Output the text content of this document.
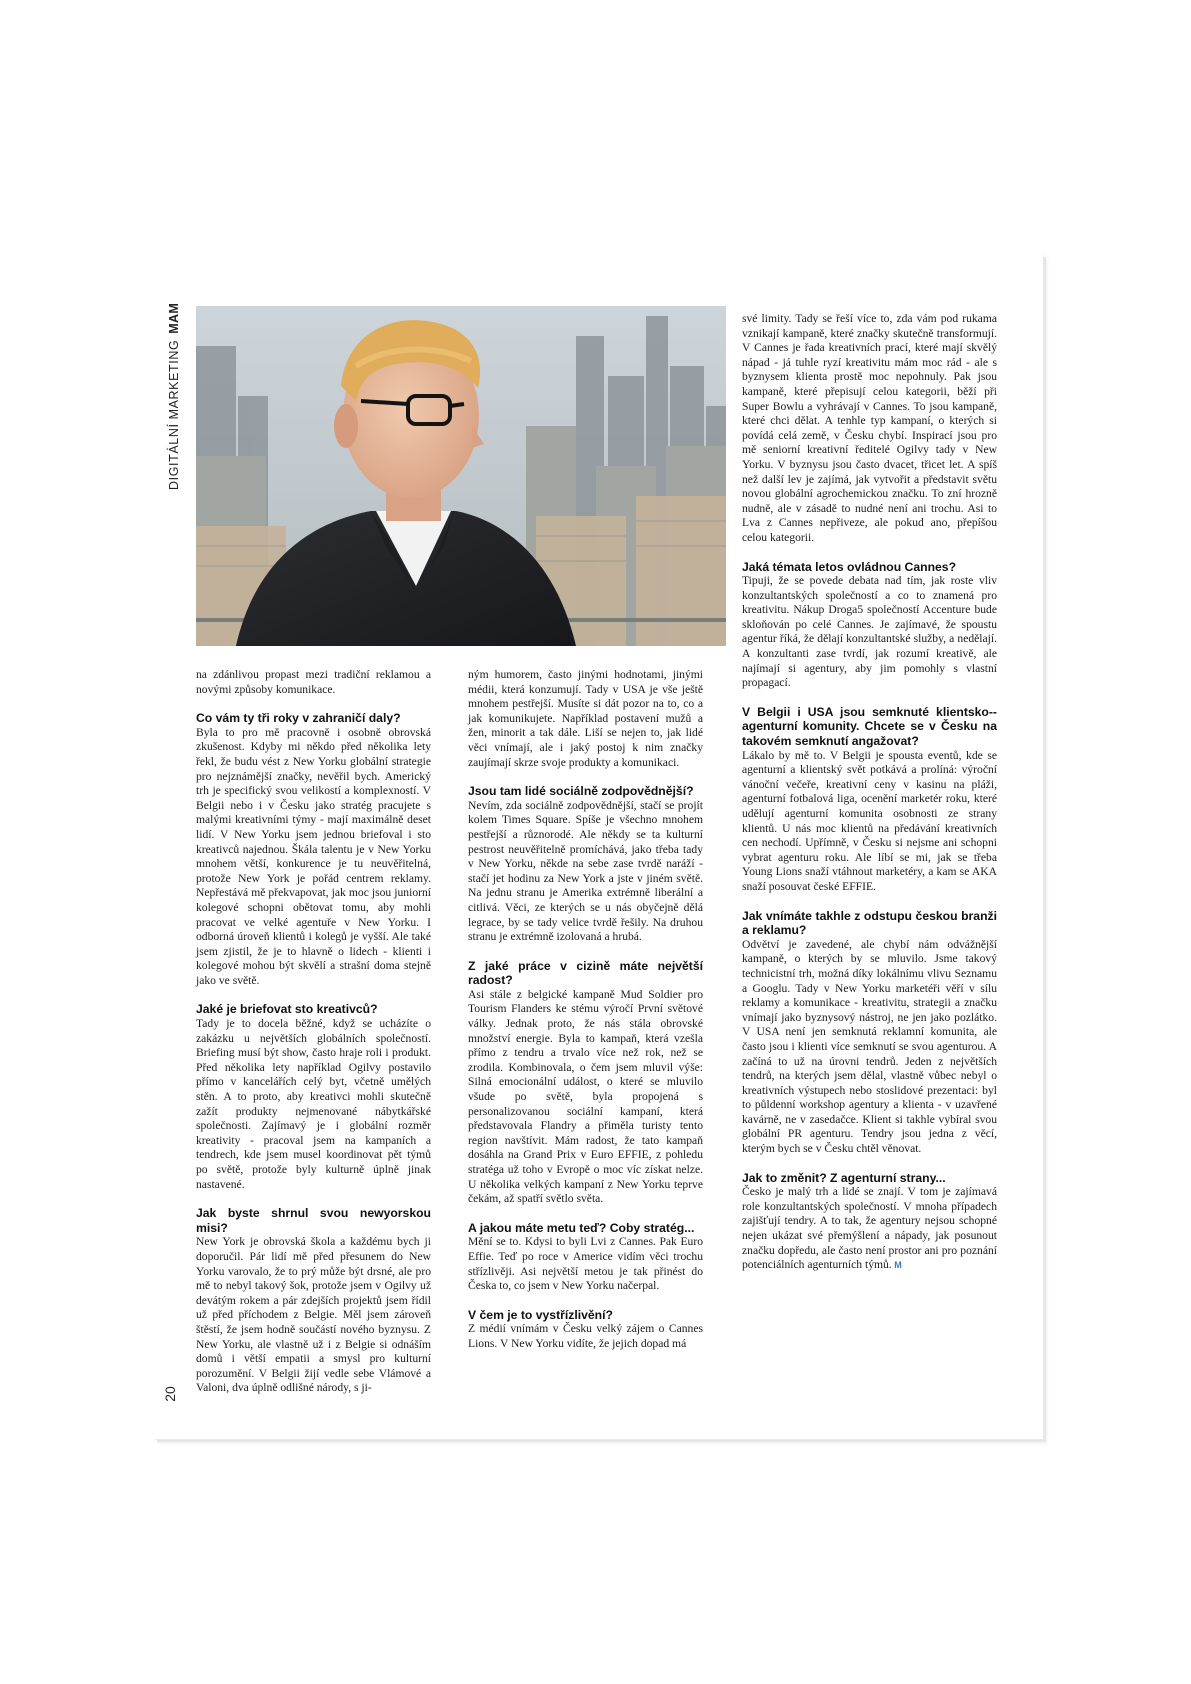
DIGITÁLNÍ MARKETINGMAM
20

na zdánlivou propast mezi tradiční reklamou a novými způsoby komunikace.

Co vám ty tři roky v zahraničí daly?

Byla to pro mě pracovně i osobně obrovská zkušenost. Kdyby mi někdo před několika lety řekl, že budu vést z New Yorku globální strategie pro nejznámější značky, nevěřil bych. Americký trh je specifický svou velikostí a komplexností. V Belgii nebo i v Česku jako stratég pracujete s malými kreativními týmy - mají maximálně deset lidí. V New Yorku jsem jednou briefoval i sto kreativců najednou. Škála talentu je v New Yorku mnohem větší, konkurence je tu neuvěřitelná, protože New York je pořád centrem reklamy. Nepřestává mě překvapovat, jak moc jsou juniorní kolegové schopni obětovat tomu, aby mohli pracovat ve velké agentuře v New Yorku. I odborná úroveň klientů i kolegů je vyšší. Ale také jsem zjistil, že je to hlavně o lidech - klienti i kolegové mohou být skvělí a strašní doma stejně jako ve světě.

Jaké je briefovat sto kreativců?

Tady je to docela běžné, když se ucházíte o zakázku u největších globálních společností. Briefing musí být show, často hraje roli i produkt. Před několika lety například Ogilvy postavilo přímo v kancelářích celý byt, včetně umělých stěn. A to proto, aby kreativci mohli skutečně zažít produkty nejmenované nábytkářské společnosti. Zajímavý je i globální rozměr kreativity - pracoval jsem na kampaních a tendrech, kde jsem musel koordinovat pět týmů po světě, protože byly kulturně úplně jinak nastavené.

Jak byste shrnul svou newyorskou misi?

New York je obrovská škola a každému bych ji doporučil. Pár lidí mě před přesunem do New Yorku varovalo, že to prý může být drsné, ale pro mě to nebyl takový šok, protože jsem v Ogilvy už devátým rokem a pár zdejších projektů jsem řídil už před příchodem z Belgie. Měl jsem zároveň štěstí, že jsem hodně součástí nového byznysu. Z New Yorku, ale vlastně už i z Belgie si odnáším domů i větší empatii a smysl pro kulturní porozumění. V Belgii žijí vedle sebe Vlámové a Valoni, dva úplně odlišné národy, s ji-

ným humorem, často jinými hodnotami, jinými médii, která konzumují. Tady v USA je vše ještě mnohem pestřejší. Musíte si dát pozor na to, co a jak komunikujete. Například postavení mužů a žen, minorit a tak dále. Liší se nejen to, jak lidé věci vnímají, ale i jaký postoj k nim značky zaujímají skrze svoje produkty a komunikaci.

Jsou tam lidé sociálně zodpovědnější?

Nevím, zda sociálně zodpovědnější, stačí se projít kolem Times Square. Spíše je všechno mnohem pestřejší a různorodé. Ale někdy se ta kulturní pestrost neuvěřitelně promíchává, jako třeba tady v New Yorku, někde na sebe zase tvrdě naráží - stačí jet hodinu za New York a jste v jiném světě. Na jednu stranu je Amerika extrémně liberální a citlivá. Věci, ze kterých se u nás obyčejně dělá legrace, by se tady velice tvrdě řešily. Na druhou stranu je extrémně izolovaná a hrubá.

Z jaké práce v cizině máte největší radost?

Asi stále z belgické kampaně Mud Soldier pro Tourism Flanders ke stému výročí První světové války. Jednak proto, že nás stála obrovské množství energie. Byla to kampaň, která vzešla přímo z tendru a trvalo více než rok, než se zrodila. Kombinovala, o čem jsem mluvil výše: Silná emocionální událost, o které se mluvilo všude po světě, byla propojená s personalizovanou sociální kampaní, která představovala Flandry a přiměla turisty tento region navštívit. Mám radost, že tato kampaň dosáhla na Grand Prix v Euro EFFIE, z pohledu stratéga už toho v Evropě o moc víc získat nelze. U několika velkých kampaní z New Yorku teprve čekám, až spatří světlo světa.

A jakou máte metu teď? Coby stratég...

Mění se to. Kdysi to byli Lvi z Cannes. Pak Euro Effie. Teď po roce v Americe vidím věci trochu střízlivěji. Asi největší metou je tak přinést do Česka to, co jsem v New Yorku načerpal.

V čem je to vystřízlivění?

Z médií vnímám v Česku velký zájem o Cannes Lions. V New Yorku vidíte, že jejich dopad má

své limity. Tady se řeší více to, zda vám pod rukama vznikají kampaně, které značky skutečně transformují. V Cannes je řada kreativních prací, které mají skvělý nápad - já tuhle ryzí kreativitu mám moc rád - ale s byznysem klienta prostě moc nepohnuly. Pak jsou kampaně, které přepisují celou kategorii, běží při Super Bowlu a vyhrávají v Cannes. To jsou kampaně, které chci dělat. A tenhle typ kampaní, o kterých si povídá celá země, v Česku chybí. Inspirací jsou pro mě seniorní kreativní ředitelé Ogilvy tady v New Yorku. V byznysu jsou často dvacet, třicet let. A spíš než další lev je zajímá, jak vytvořit a představit světu novou globální agrochemickou značku. To zní hrozně nudně, ale v zásadě to nudné není ani trochu. Asi to Lva z Cannes nepřiveze, ale pokud ano, přepíšou celou kategorii.

Jaká témata letos ovládnou Cannes?

Tipuji, že se povede debata nad tím, jak roste vliv konzultantských společností a co to znamená pro kreativitu. Nákup Droga5 společností Accenture bude skloňován po celé Cannes. Je zajímavé, že spoustu agentur říká, že dělají konzultantské služby, a nedělají. A konzultanti zase tvrdí, jak rozumí kreativě, ale najímají si agentury, aby jim pomohly s vlastní propagací.

V Belgii i USA jsou semknuté klientsko--agenturní komunity. Chcete se v Česku na takovém semknutí angažovat?

Lákalo by mě to. V Belgii je spousta eventů, kde se agenturní a klientský svět potkává a prolíná: výroční vánoční večeře, kreativní ceny v kasinu na pláži, agenturní fotbalová liga, ocenění marketér roku, které udělují agenturní komunita osobnosti ze strany klientů. U nás moc klientů na předávání kreativních cen nechodí. Upřímně, v Česku si nejsme ani schopni vybrat agenturu roku. Ale líbí se mi, jak se třeba Young Lions snaží vtáhnout marketéry, a kam se AKA snaží posouvat české EFFIE.

Jak vnímáte takhle z odstupu českou branži a reklamu?

Odvětví je zavedené, ale chybí nám odvážnější kampaně, o kterých by se mluvilo. Jsme takový technicistní trh, možná díky lokálnímu vlivu Seznamu a Googlu. Tady v New Yorku marketéři věří v sílu reklamy a komunikace - kreativitu, strategii a značku vnímají jako byznysový nástroj, ne jen jako pozlátko. V USA není jen semknutá reklamní komunita, ale často jsou i klienti více semknutí se svou agenturou. A začíná to už na úrovni tendrů. Jeden z největších tendrů, na kterých jsem dělal, vlastně vůbec nebyl o kreativních výstupech nebo stoslidové prezentaci: byl to půldenní workshop agentury a klienta - v uzavřené kavárně, ne v zasedačce. Klient si takhle vybíral svou globální PR agenturu. Tendry jsou jedna z věcí, kterým bych se v Česku chtěl věnovat.

Jak to změnit? Z agenturní strany...

Česko je malý trh a lidé se znají. V tom je zajímavá role konzultantských společností. V mnoha případech zajišťují tendry. A to tak, že agentury nejsou schopné nejen ukázat své přemýšlení a nápady, jak posunout značku dopředu, ale často není prostor ani pro poznání potenciálních agenturních týmů. M
